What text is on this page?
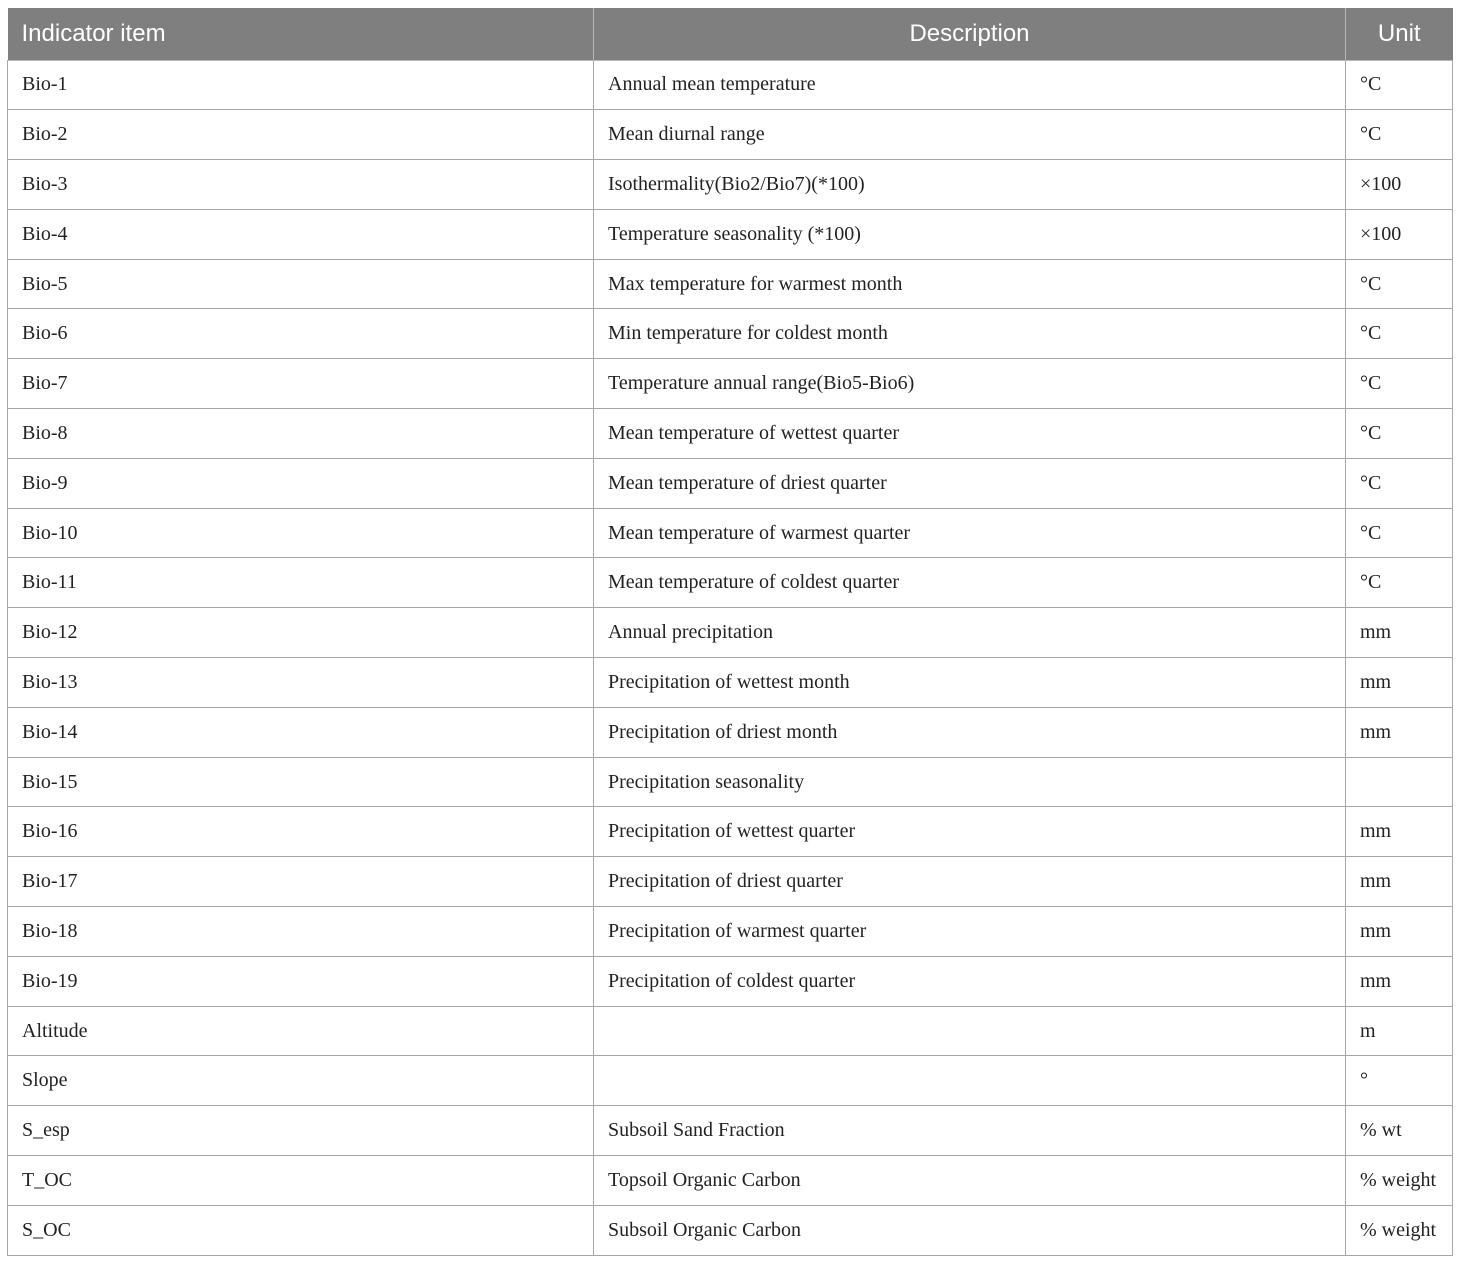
Indicator item	Description	Unit
Bio-1	Annual mean temperature	°C
Bio-2	Mean diurnal range	°C
Bio-3	Isothermality(Bio2/Bio7)(*100)	×100
Bio-4	Temperature seasonality (*100)	×100
Bio-5	Max temperature for warmest month	°C
Bio-6	Min temperature for coldest month	°C
Bio-7	Temperature annual range(Bio5-Bio6)	°C
Bio-8	Mean temperature of wettest quarter	°C
Bio-9	Mean temperature of driest quarter	°C
Bio-10	Mean temperature of warmest quarter	°C
Bio-11	Mean temperature of coldest quarter	°C
Bio-12	Annual precipitation	mm
Bio-13	Precipitation of wettest month	mm
Bio-14	Precipitation of driest month	mm
Bio-15	Precipitation seasonality	
Bio-16	Precipitation of wettest quarter	mm
Bio-17	Precipitation of driest quarter	mm
Bio-18	Precipitation of warmest quarter	mm
Bio-19	Precipitation of coldest quarter	mm
Altitude		m
Slope		°
S_esp	Subsoil Sand Fraction	% wt
T_OC	Topsoil Organic Carbon	% weight
S_OC	Subsoil Organic Carbon	% weight
